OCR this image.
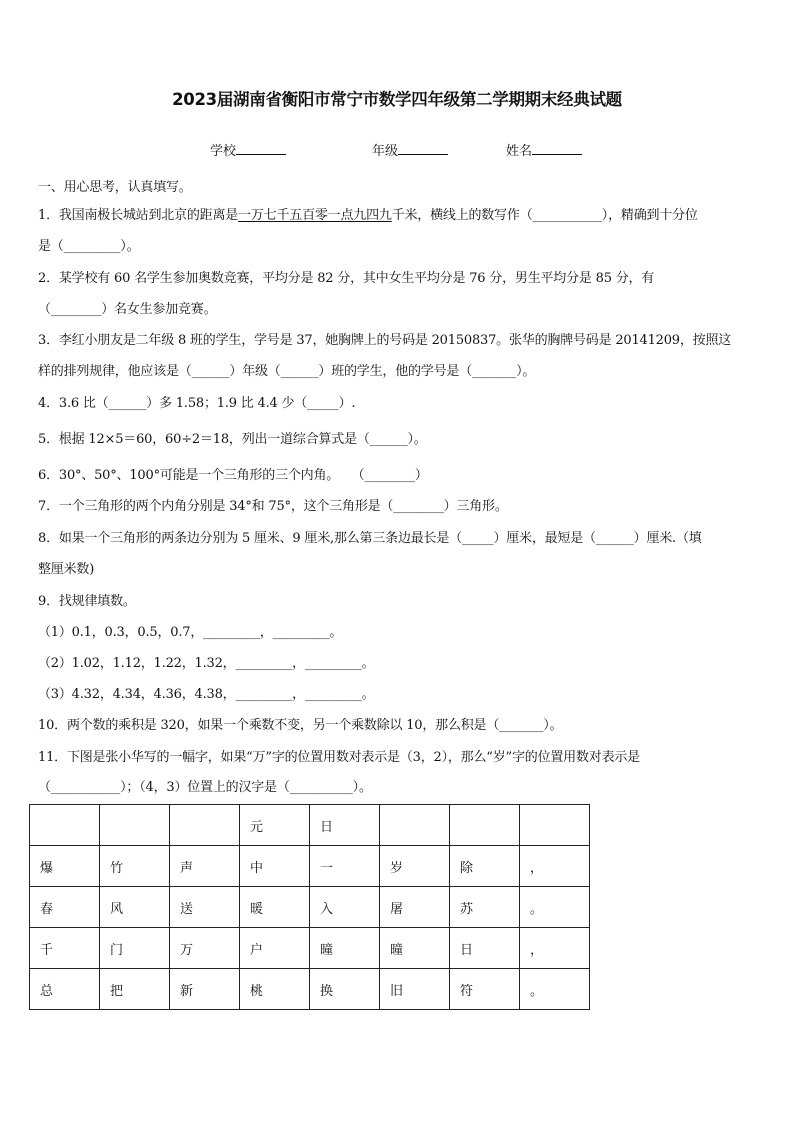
2023届湖南省衡阳市常宁市数学四年级第二学期期末经典试题
学校	年级	姓名
一、用心思考，认真填写。
1．我国南极长城站到北京的距离是一万七千五百零一点九四九千米，横线上的数写作（___________），精确到十分位
是（_________）。
2．某学校有 60 名学生参加奥数竞赛，平均分是 82 分，其中女生平均分是 76 分，男生平均分是 85 分，有
（________）名女生参加竞赛。
3．李红小朋友是二年级 8 班的学生，学号是 37，她胸牌上的号码是 20150837。张华的胸牌号码是 20141209，按照这
样的排列规律，他应该是（______）年级（______）班的学生，他的学号是（_______）。
4．3.6 比（______）多 1.58；1.9 比 4.4 少（_____）.
5．根据 12×5＝60，60÷2＝18，列出一道综合算式是（______）。
6．30°、50°、100°可能是一个三角形的三个内角。　　（________）
7．一个三角形的两个内角分别是 34°和 75°，这个三角形是（________）三角形。
8．如果一个三角形的两条边分别为 5 厘米、9 厘米,那么第三条边最长是（_____）厘米，最短是（______）厘米.（填
整厘米数)
9．找规律填数。
（1）0.1，0.3，0.5，0.7，_________，_________。
（2）1.02，1.12，1.22，1.32，_________，_________。
（3）4.32，4.34，4.36，4.38，_________，_________。
10．两个数的乘积是 320，如果一个乘数不变，另一个乘数除以 10，那么积是（_______）。
11．下图是张小华写的一幅字，如果“万”字的位置用数对表示是（3，2），那么“岁”字的位置用数对表示是
（___________）；（4，3）位置上的汉字是（__________）。
			元	日			
爆	竹	声	中	一	岁	除	，
春	风	送	暖	入	屠	苏	。
千	门	万	户	曈	曈	日	，
总	把	新	桃	换	旧	符	。
